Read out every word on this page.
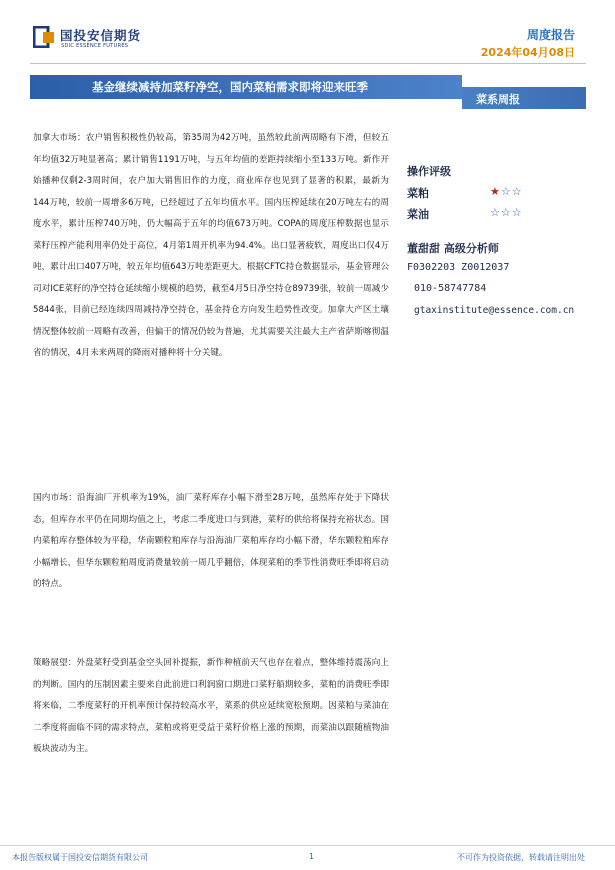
国投安信期货
SDIC ESSENCE FUTURES
周度报告
2024年04月08日
基金继续减持加菜籽净空，国内菜粕需求即将迎来旺季
菜系周报

加拿大市场：农户销售积极性仍较高，第35周为42万吨，虽然较此前两周略有下滑，但较五年均值32万吨显著高；累计销售1191万吨，与五年均值的差距持续缩小至133万吨。新作开始播种仅剩2-3周时间，农户加大销售旧作的力度，商业库存也见到了显著的积累，最新为144万吨，较前一周增多6万吨，已经超过了五年均值水平。国内压榨延续在20万吨左右的周度水平，累计压榨740万吨，仍大幅高于五年的均值673万吨。COPA的周度压榨数据也显示菜籽压榨产能利用率仍处于高位，4月第1周开机率为94.4%。出口显著疲软，周度出口仅4万吨，累计出口407万吨，较五年均值643万吨差距更大。根据CFTC持仓数据显示，基金管理公司对ICE菜籽的净空持仓延续缩小规模的趋势，截至4月5日净空持仓89739张，较前一周减少5844张，目前已经连续四周减持净空持仓，基金持仓方向发生趋势性改变。加拿大产区土壤情况整体较前一周略有改善，但偏干的情况仍较为普遍，尤其需要关注最大主产省萨斯喀彻温省的情况，4月未来两周的降雨对播种将十分关键。

国内市场：沿海油厂开机率为19%，油厂菜籽库存小幅下滑至28万吨，虽然库存处于下降状态，但库存水平仍在同期均值之上，考虑二季度进口与到港，菜籽的供给将保持充裕状态。国内菜粕库存整体较为平稳，华南颗粒粕库存与沿海油厂菜粕库存均小幅下滑，华东颗粒粕库存小幅增长，但华东颗粒粕周度消费量较前一周几乎翻倍，体现菜粕的季节性消费旺季即将启动的特点。

策略展望：外盘菜籽受到基金空头回补提振，新作种植前天气也存在着点，整体维持震荡向上的判断。国内的压制因素主要来自此前进口利润窗口期进口菜籽船期较多，菜粕的消费旺季即将来临，二季度菜籽的开机率预计保持较高水平，菜系的供应延续宽松预期。因菜粕与菜油在二季度将面临不同的需求特点，菜粕或将更受益于菜籽价格上涨的预期，而菜油以跟随植物油板块波动为主。

操作评级
菜粕	★☆☆
菜油	☆☆☆
董甜甜 高级分析师
F0302203 Z0012037
010-58747784
gtaxinstitute@essence.com.cn
本报告版权属于国投安信期货有限公司	1	不可作为投资依据，转载请注明出处
